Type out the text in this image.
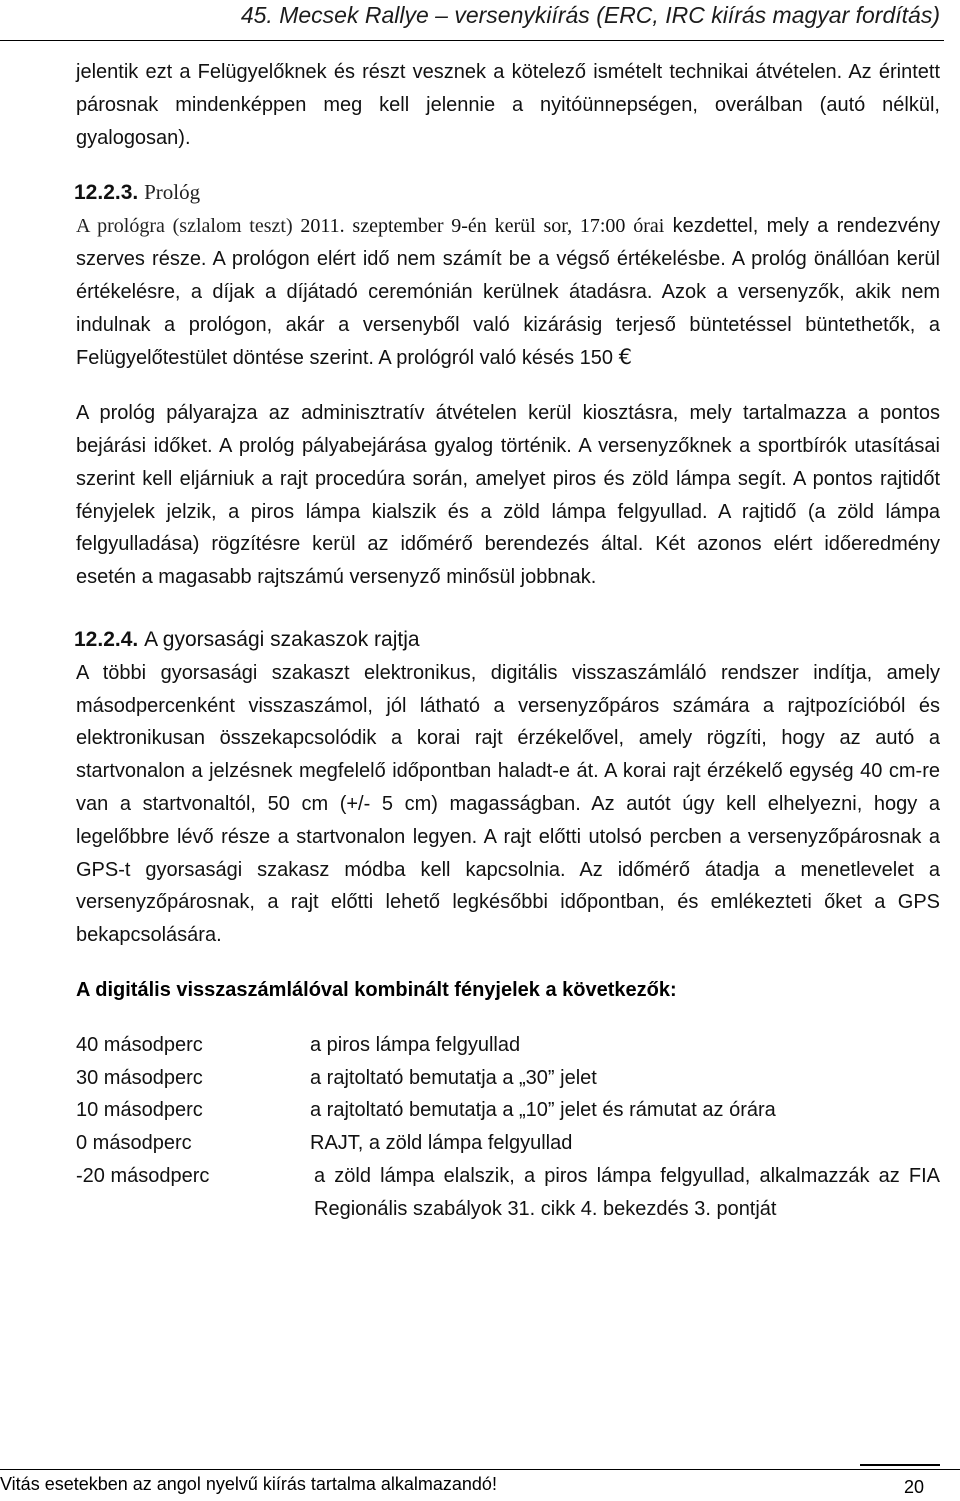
45. Mecsek Rallye – versenykiírás (ERC, IRC kiírás magyar fordítás)

jelentik ezt a Felügyelőknek és részt vesznek a kötelező ismételt technikai átvételen. Az érintett párosnak mindenképpen meg kell jelennie a nyitóünnepségen, overálban (autó nélkül, gyalogosan).

12.2.3. Prológ

A prológra (szlalom teszt) 2011. szeptember 9-én kerül sor, 17:00 órai kezdettel, mely a rendezvény szerves része. A prológon elért idő nem számít be a végső értékelésbe. A prológ önállóan kerül értékelésre, a díjak a díjátadó ceremónián kerülnek átadásra. Azok a versenyzők, akik nem indulnak a prológon, akár a versenyből való kizárásig terjeső büntetéssel büntethetők, a Felügyelőtestület döntése szerint. A prológról való késés 150 €

A prológ pályarajza az adminisztratív átvételen kerül kiosztásra, mely tartalmazza a pontos bejárási időket. A prológ pályabejárása gyalog történik. A versenyzőknek a sportbírók utasításai szerint kell eljárniuk a rajt procedúra során, amelyet piros és zöld lámpa segít. A pontos rajtidőt fényjelek jelzik, a piros lámpa kialszik és a zöld lámpa felgyullad. A rajtidő (a zöld lámpa felgyulladása) rögzítésre kerül az időmérő berendezés által. Két azonos elért időeredmény esetén a magasabb rajtszámú versenyző minősül jobbnak.

12.2.4. A gyorsasági szakaszok rajtja

A többi gyorsasági szakaszt elektronikus, digitális visszaszámláló rendszer indítja, amely másodpercenként visszaszámol, jól látható a versenyzőpáros számára a rajtpozícióból és elektronikusan összekapcsolódik a korai rajt érzékelővel, amely rögzíti, hogy az autó a startvonalon a jelzésnek megfelelő időpontban haladt-e át. A korai rajt érzékelő egység 40 cm-re van a startvonaltól, 50 cm (+/- 5 cm) magasságban. Az autót úgy kell elhelyezni, hogy a legelőbbre lévő része a startvonalon legyen. A rajt előtti utolsó percben a versenyzőpárosnak a GPS-t gyorsasági szakasz módba kell kapcsolnia. Az időmérő átadja a menetlevelet a versenyzőpárosnak, a rajt előtti lehető legkésőbbi időpontban, és emlékezteti őket a GPS bekapcsolására.

A digitális visszaszámlálóval kombinált fényjelek a következők:

40 másodperc	a piros lámpa felgyullad
30 másodperc	a rajtoltató bemutatja a „30” jelet
10 másodperc	a rajtoltató bemutatja a „10” jelet és rámutat az órára
0 másodperc	RAJT, a zöld lámpa felgyullad
-20 másodperc	a zöld lámpa elalszik, a piros lámpa felgyullad, alkalmazzák az FIA Regionális szabályok 31. cikk 4. bekezdés 3. pontját
Vitás esetekben az angol nyelvű kiírás tartalma alkalmazandó!	20
